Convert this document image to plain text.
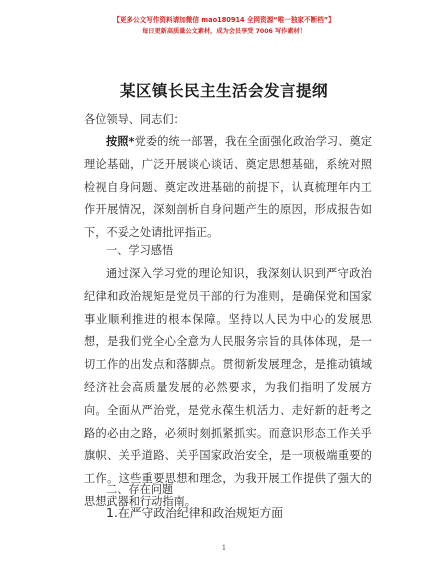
【更多公文写作资料请加微信 mao180914 全网资源“唯一独家不断档”】
每日更新高质量公文素材，成为会员享受 7006 写作素材！
某区镇长民主生活会发言提纲
各位领导、同志们：
按照*党委的统一部署，我在全面强化政治学习、奠定理论基础，广泛开展谈心谈话、奠定思想基础，系统对照检视自身问题、奠定改进基础的前提下，认真梳理年内工作开展情况，深刻剖析自身问题产生的原因，形成报告如下，不妥之处请批评指正。
一、学习感悟
通过深入学习党的理论知识，我深刻认识到严守政治纪律和政治规矩是党员干部的行为准则，是确保党和国家事业顺利推进的根本保障。坚持以人民为中心的发展思想，是我们党全心全意为人民服务宗旨的具体体现，是一切工作的出发点和落脚点。贯彻新发展理念，是推动镇域经济社会高质量发展的必然要求，为我们指明了发展方向。全面从严治党，是党永葆生机活力、走好新的赶考之路的必由之路，必须时刻抓紧抓实。而意识形态工作关乎旗帜、关乎道路、关乎国家政治安全，是一项极端重要的工作。这些重要思想和理念，为我开展工作提供了强大的思想武器和行动指南。
二、存在问题
1.在严守政治纪律和政治规矩方面
1
